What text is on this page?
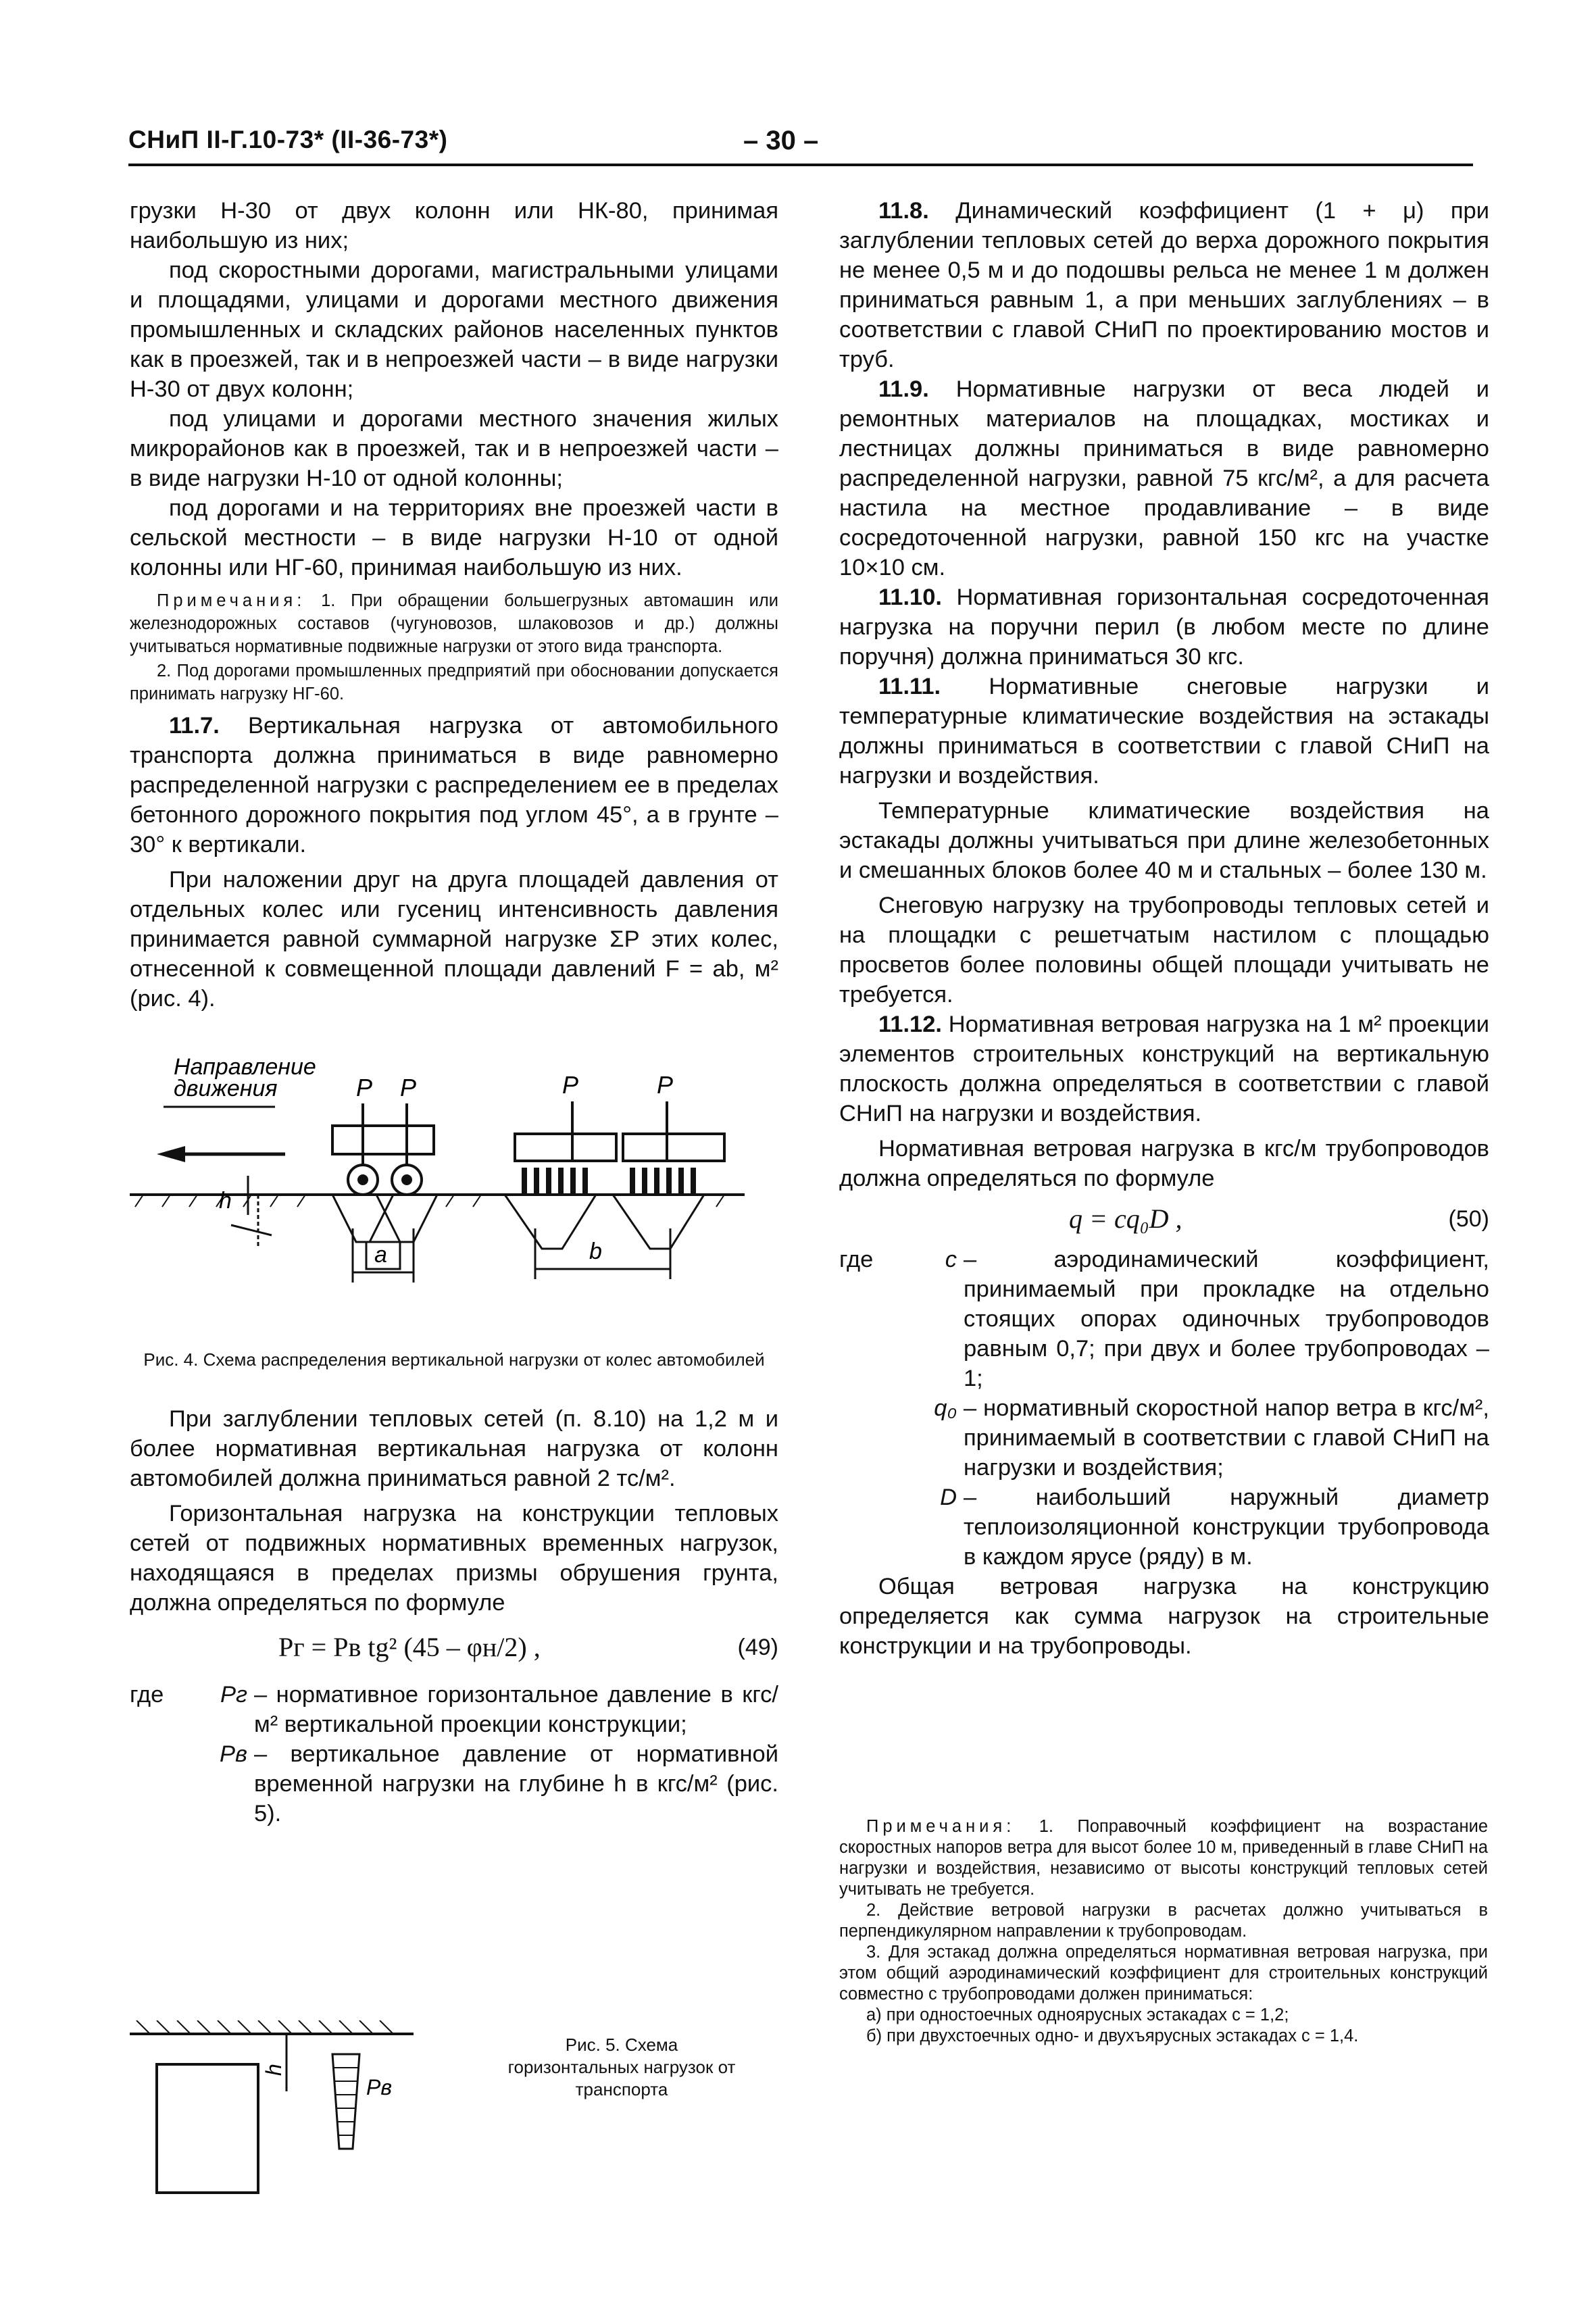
СНиП II-Г.10-73* (II-36-73*)	– 30 –

грузки Н-30 от двух колонн или НК-80, принимая наибольшую из них;

под скоростными дорогами, магистральными улицами и площадями, улицами и дорогами местного движения промышленных и складских районов населенных пунктов как в проезжей, так и в непроезжей части – в виде нагрузки Н-30 от двух колонн;

под улицами и дорогами местного значения жилых микрорайонов как в проезжей, так и в непроезжей части – в виде нагрузки Н-10 от одной колонны;

под дорогами и на территориях вне проезжей части в сельской местности – в виде нагрузки Н-10 от одной колонны или НГ-60, принимая наибольшую из них.

Примечания: 1. При обращении большегрузных автомашин или железнодорожных составов (чугуновозов, шлаковозов и др.) должны учитываться нормативные подвижные нагрузки от этого вида транспорта.

2. Под дорогами промышленных предприятий при обосновании допускается принимать нагрузку НГ-60.

11.7. Вертикальная нагрузка от автомобильного транспорта должна приниматься в виде равномерно распределенной нагрузки с распределением ее в пределах бетонного дорожного покрытия под углом 45°, а в грунте – 30° к вертикали.

При наложении друг на друга площадей давления от отдельных колес или гусениц интенсивность давления принимается равной суммарной нагрузке ΣP этих колес, отнесенной к совмещенной площади давлений F = ab, м² (рис. 4).

Направление
движения	P P	P	P
h
a	b

Рис. 4. Схема распределения вертикальной нагрузки от колес автомобилей

При заглублении тепловых сетей (п. 8.10) на 1,2 м и более нормативная вертикальная нагрузка от колонн автомобилей должна приниматься равной 2 тс/м².

Горизонтальная нагрузка на конструкции тепловых сетей от подвижных нормативных временных нагрузок, находящаяся в пределах призмы обрушения грунта, должна определяться по формуле

Pг = Pв tg² (45 – φн/2) ,	(49)
где	Pг – нормативное горизонтальное давление в кгс/м² вертикальной проекции конструкции;
Pв – вертикальное давление от нормативной временной нагрузки на глубине h в кгс/м² (рис. 5).
h
Pв
Рис. 5. Схема горизонтальных нагрузок от транспорта

11.8. Динамический коэффициент (1 + μ) при заглублении тепловых сетей до верха дорожного покрытия не менее 0,5 м и до подошвы рельса не менее 1 м должен приниматься равным 1, а при меньших заглублениях – в соответствии с главой СНиП по проектированию мостов и труб.

11.9. Нормативные нагрузки от веса людей и ремонтных материалов на площадках, мостиках и лестницах должны приниматься в виде равномерно распределенной нагрузки, равной 75 кгс/м², а для расчета настила на местное продавливание – в виде сосредоточенной нагрузки, равной 150 кгс на участке 10×10 см.

11.10. Нормативная горизонтальная сосредоточенная нагрузка на поручни перил (в любом месте по длине поручня) должна приниматься 30 кгс.

11.11. Нормативные снеговые нагрузки и температурные климатические воздействия на эстакады должны приниматься в соответствии с главой СНиП на нагрузки и воздействия.

Температурные климатические воздействия на эстакады должны учитываться при длине железобетонных и смешанных блоков более 40 м и стальных – более 130 м.

Снеговую нагрузку на трубопроводы тепловых сетей и на площадки с решетчатым настилом с площадью просветов более половины общей площади учитывать не требуется.

11.12. Нормативная ветровая нагрузка на 1 м² проекции элементов строительных конструкций на вертикальную плоскость должна определяться в соответствии с главой СНиП на нагрузки и воздействия.

Нормативная ветровая нагрузка в кгс/м трубопроводов должна определяться по формуле

q = cq₀D ,	(50)
где	c – аэродинамический коэффициент, принимаемый при прокладке на отдельно стоящих опорах одиночных трубопроводов равным 0,7; при двух и более трубопроводах – 1;
q₀ – нормативный скоростной напор ветра в кгс/м², принимаемый в соответствии с главой СНиП на нагрузки и воздействия;
D – наибольший наружный диаметр теплоизоляционной конструкции трубопровода в каждом ярусе (ряду) в м.

Общая ветровая нагрузка на конструкцию определяется как сумма нагрузок на строительные конструкции и на трубопроводы.

Примечания: 1. Поправочный коэффициент на возрастание скоростных напоров ветра для высот более 10 м, приведенный в главе СНиП на нагрузки и воздействия, независимо от высоты конструкций тепловых сетей учитывать не требуется.

2. Действие ветровой нагрузки в расчетах должно учитываться в перпендикулярном направлении к трубопроводам.

3. Для эстакад должна определяться нормативная ветровая нагрузка, при этом общий аэродинамический коэффициент для строительных конструкций совместно с трубопроводами должен приниматься:

а) при одностоечных одноярусных эстакадах c = 1,2;

б) при двухстоечных одно- и двухъярусных эстакадах c = 1,4.
